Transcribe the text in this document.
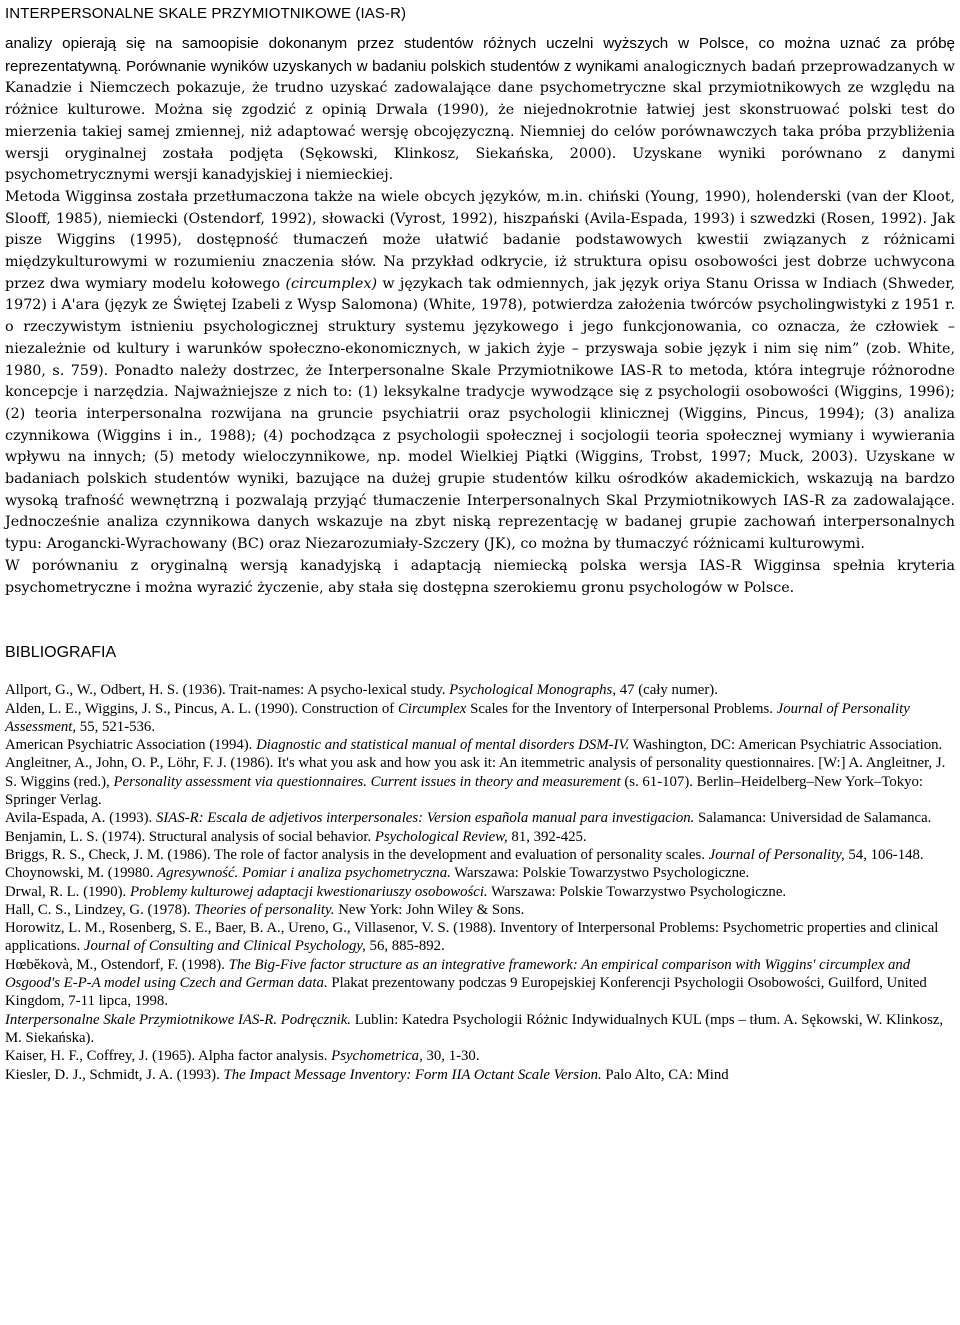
INTERPERSONALNE SKALE PRZYMIOTNIKOWE (IAS-R)
analizy opierają się na samoopisie dokonanym przez studentów różnych uczelni wyższych w Polsce, co można uznać za próbę reprezentatywną. Porównanie wyników uzyskanych w badaniu polskich studentów z wynikami analogicznych badań przeprowadzanych w Kanadzie i Niemczech pokazuje, że trudno uzyskać zadowalające dane psychometryczne skal przymiotnikowych ze względu na różnice kulturowe. Można się zgodzić z opinią Drwala (1990), że niejednokrotnie łatwiej jest skonstruować polski test do mierzenia takiej samej zmiennej, niż adaptować wersję obcojęzyczną. Niemniej do celów porównawczych taka próba przybliżenia wersji oryginalnej została podjęta (Sękowski, Klinkosz, Siekańska, 2000). Uzyskane wyniki porównano z danymi psychometrycznymi wersji kanadyjskiej i niemieckiej.
Metoda Wigginsa została przetłumaczona także na wiele obcych języków, m.in. chiński (Young, 1990), holenderski (van der Kloot, Slooff, 1985), niemiecki (Ostendorf, 1992), słowacki (Vyrost, 1992), hiszpański (Avila-Espada, 1993) i szwedzki (Rosen, 1992). Jak pisze Wiggins (1995), dostępność tłumaczeń może ułatwić badanie podstawowych kwestii związanych z różnicami międzykulturowymi w rozumieniu znaczenia słów. Na przykład odkrycie, iż struktura opisu osobowości jest dobrze uchwycona przez dwa wymiary modelu kołowego (circumplex) w językach tak odmiennych, jak język oriya Stanu Orissa w Indiach (Shweder, 1972) i A'ara (język ze Świętej Izabeli z Wysp Salomona) (White, 1978), potwierdza założenia twórców psycholingwistyki z 1951 r. o rzeczywistym istnieniu psychologicznej struktury systemu językowego i jego funkcjonowania, co oznacza, że człowiek – niezależnie od kultury i warunków społeczno-ekonomicznych, w jakich żyje – przyswaja sobie język i nim się nim” (zob. White, 1980, s. 759). Ponadto należy dostrzec, że Interpersonalne Skale Przymiotnikowe IAS-R to metoda, która integruje różnorodne koncepcje i narzędzia. Najważniejsze z nich to: (1) leksykalne tradycje wywodzące się z psychologii osobowości (Wiggins, 1996); (2) teoria interpersonalna rozwijana na gruncie psychiatrii oraz psychologii klinicznej (Wiggins, Pincus, 1994); (3) analiza czynnikowa (Wiggins i in., 1988); (4) pochodząca z psychologii społecznej i socjologii teoria społecznej wymiany i wywierania wpływu na innych; (5) metody wieloczynnikowe, np. model Wielkiej Piątki (Wiggins, Trobst, 1997; Muck, 2003). Uzyskane w badaniach polskich studentów wyniki, bazujące na dużej grupie studentów kilku ośrodków akademickich, wskazują na bardzo wysoką trafność wewnętrzną i pozwalają przyjąć tłumaczenie Interpersonalnych Skal Przymiotnikowych IAS-R za zadowalające. Jednocześnie analiza czynnikowa danych wskazuje na zbyt niską reprezentację w badanej grupie zachowań interpersonalnych typu: Aroganckі-Wyrachowany (BC) oraz Niezarozumiały-Szczery (JK), co można by tłumaczyć różnicami kulturowymi.
W porównaniu z oryginalną wersją kanadyjską i adaptacją niemiecką polska wersja IAS-R Wigginsa spełnia kryteria psychometryczne i można wyrazić życzenie, aby stała się dostępna szerokiemu gronu psychologów w Polsce.
BIBLIOGRAFIA

Allport, G., W., Odbert, H. S. (1936). Trait-names: A psycho-lexical study. Psychological Monographs, 47 (cały numer).

Alden, L. E., Wiggins, J. S., Pincus, A. L. (1990). Construction of Circumplex Scales for the Inventory of Interpersonal Problems. Journal of Personality Assessment, 55, 521-536.

American Psychiatric Association (1994). Diagnostic and statistical manual of mental disorders DSM-IV. Washington, DC: American Psychiatric Association.

Angleitner, A., John, O. P., Löhr, F. J. (1986). It's what you ask and how you ask it: An itemmetric analysis of personality questionnaires. [W:] A. Angleitner, J. S. Wiggins (red.), Personality assessment via questionnaires. Current issues in theory and measurement (s. 61-107). Berlin–Heidelberg–New York–Tokyo: Springer Verlag.

Avila-Espada, A. (1993). SIAS-R: Escala de adjetivos interpersonales: Version española manual para investigacion. Salamanca: Universidad de Salamanca.

Benjamin, L. S. (1974). Structural analysis of social behavior. Psychological Review, 81, 392-425.

Briggs, R. S., Check, J. M. (1986). The role of factor analysis in the development and evaluation of personality scales. Journal of Personality, 54, 106-148.

Choynowski, M. (19980. Agresywność. Pomiar i analiza psychometryczna. Warszawa: Polskie Towarzystwo Psychologiczne.

Drwal, R. L. (1990). Problemy kulturowej adaptacji kwestionariuszy osobowości. Warszawa: Polskie Towarzystwo Psychologiczne.

Hall, C. S., Lindzey, G. (1978). Theories of personality. New York: John Wiley & Sons.

Horowitz, L. M., Rosenberg, S. E., Baer, B. A., Ureno, G., Villasenor, V. S. (1988). Inventory of Interpersonal Problems: Psychometric properties and clinical applications. Journal of Consulting and Clinical Psychology, 56, 885-892.

Hœbĕkovà, M., Ostendorf, F. (1998). The Big-Five factor structure as an integrative framework: An empirical comparison with Wiggins' circumplex and Osgood's E-P-A model using Czech and German data. Plakat prezentowany podczas 9 Europejskiej Konferencji Psychologii Osobowości, Guilford, United Kingdom, 7-11 lipca, 1998.

Interpersonalne Skale Przymiotnikowe IAS-R. Podręcznik. Lublin: Katedra Psychologii Różnic Indywidualnych KUL (mps – tłum. A. Sękowski, W. Klinkosz, M. Siekańska).

Kaiser, H. F., Coffrey, J. (1965). Alpha factor analysis. Psychometrica, 30, 1-30.

Kiesler, D. J., Schmidt, J. A. (1993). The Impact Message Inventory: Form IIA Octant Scale Version. Palo Alto, CA: Mind
